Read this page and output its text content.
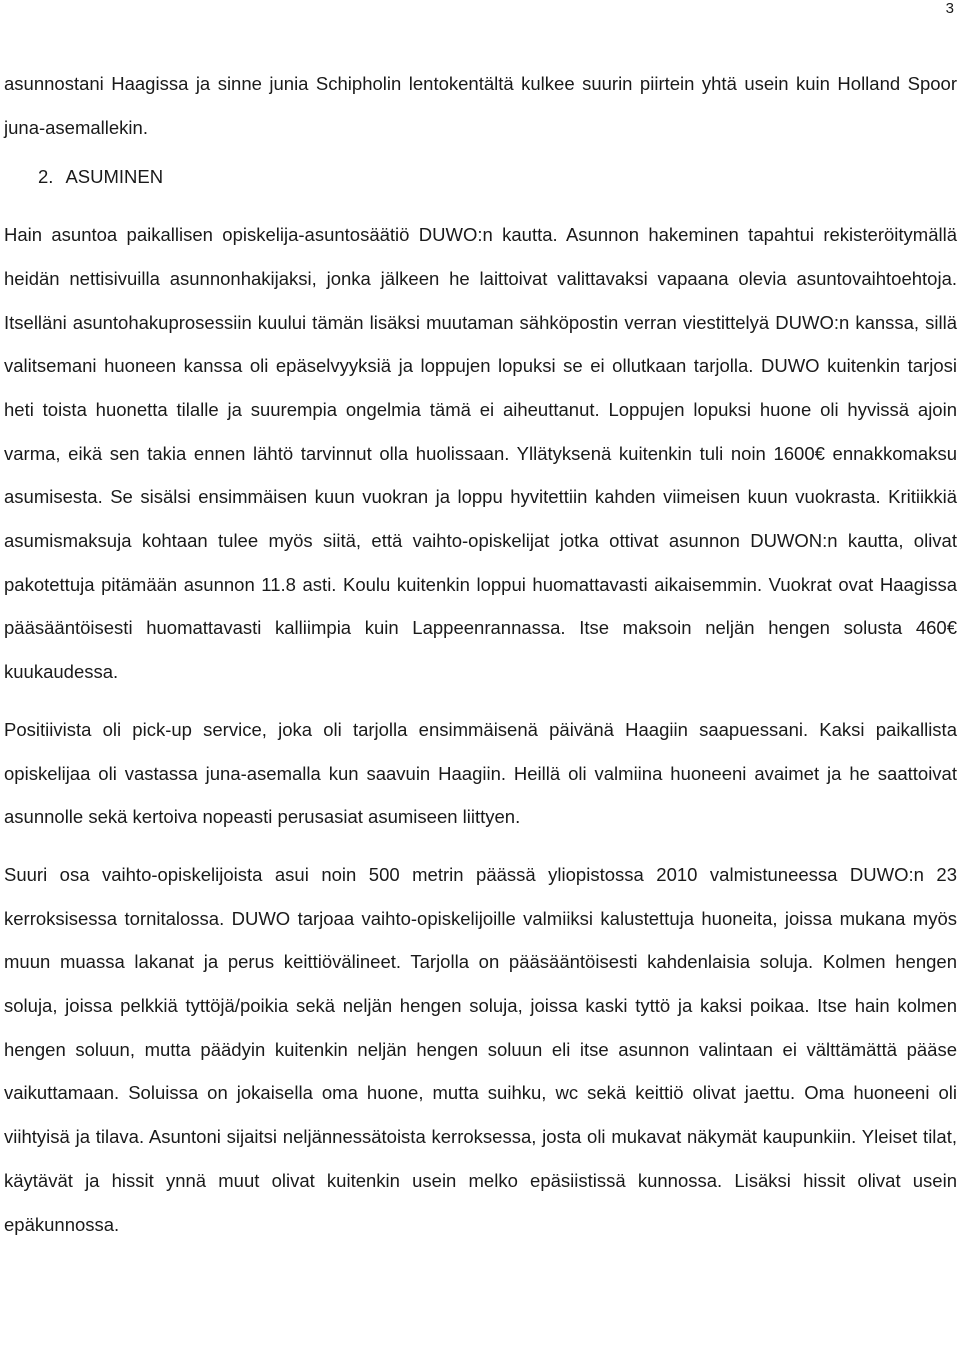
3

asunnostani Haagissa ja sinne junia Schipholin lentokentältä kulkee suurin piirtein yhtä usein kuin Holland Spoor juna-asemallekin.

2. ASUMINEN

Hain asuntoa paikallisen opiskelija-asuntosäätiö DUWO:n kautta. Asunnon hakeminen tapahtui rekisteröitymällä heidän nettisivuilla asunnonhakijaksi, jonka jälkeen he laittoivat valittavaksi vapaana olevia asuntovaihtoehtoja. Itselläni asuntohakuprosessiin kuului tämän lisäksi muutaman sähköpostin verran viestittelyä DUWO:n kanssa, sillä valitsemani huoneen kanssa oli epäselvyyksiä ja loppujen lopuksi se ei ollutkaan tarjolla. DUWO kuitenkin tarjosi heti toista huonetta tilalle ja suurempia ongelmia tämä ei aiheuttanut. Loppujen lopuksi huone oli hyvissä ajoin varma, eikä sen takia ennen lähtö tarvinnut olla huolissaan. Yllätyksenä kuitenkin tuli noin 1600€ ennakkomaksu asumisesta. Se sisälsi ensimmäisen kuun vuokran ja loppu hyvitettiin kahden viimeisen kuun vuokrasta. Kritiikkiä asumismaksuja kohtaan tulee myös siitä, että vaihto-opiskelijat jotka ottivat asunnon DUWON:n kautta, olivat pakotettuja pitämään asunnon 11.8 asti. Koulu kuitenkin loppui huomattavasti aikaisemmin. Vuokrat ovat Haagissa pääsääntöisesti huomattavasti kalliimpia kuin Lappeenrannassa. Itse maksoin neljän hengen solusta 460€ kuukaudessa.

Positiivista oli pick-up service, joka oli tarjolla ensimmäisenä päivänä Haagiin saapuessani. Kaksi paikallista opiskelijaa oli vastassa juna-asemalla kun saavuin Haagiin. Heillä oli valmiina huoneeni avaimet ja he saattoivat asunnolle sekä kertoiva nopeasti perusasiat asumiseen liittyen.

Suuri osa vaihto-opiskelijoista asui noin 500 metrin päässä yliopistossa 2010 valmistuneessa DUWO:n 23 kerroksisessa tornitalossa. DUWO tarjoaa vaihto-opiskelijoille valmiiksi kalustettuja huoneita, joissa mukana myös muun muassa lakanat ja perus keittiövälineet. Tarjolla on pääsääntöisesti kahdenlaisia soluja. Kolmen hengen soluja, joissa pelkkiä tyttöjä/poikia sekä neljän hengen soluja, joissa kaski tyttö ja kaksi poikaa. Itse hain kolmen hengen soluun, mutta päädyin kuitenkin neljän hengen soluun eli itse asunnon valintaan ei välttämättä pääse vaikuttamaan. Soluissa on jokaisella oma huone, mutta suihku, wc sekä keittiö olivat jaettu. Oma huoneeni oli viihtyisä ja tilava. Asuntoni sijaitsi neljännessätoista kerroksessa, josta oli mukavat näkymät kaupunkiin. Yleiset tilat, käytävät ja hissit ynnä muut olivat kuitenkin usein melko epäsiistissä kunnossa. Lisäksi hissit olivat usein epäkunnossa.
